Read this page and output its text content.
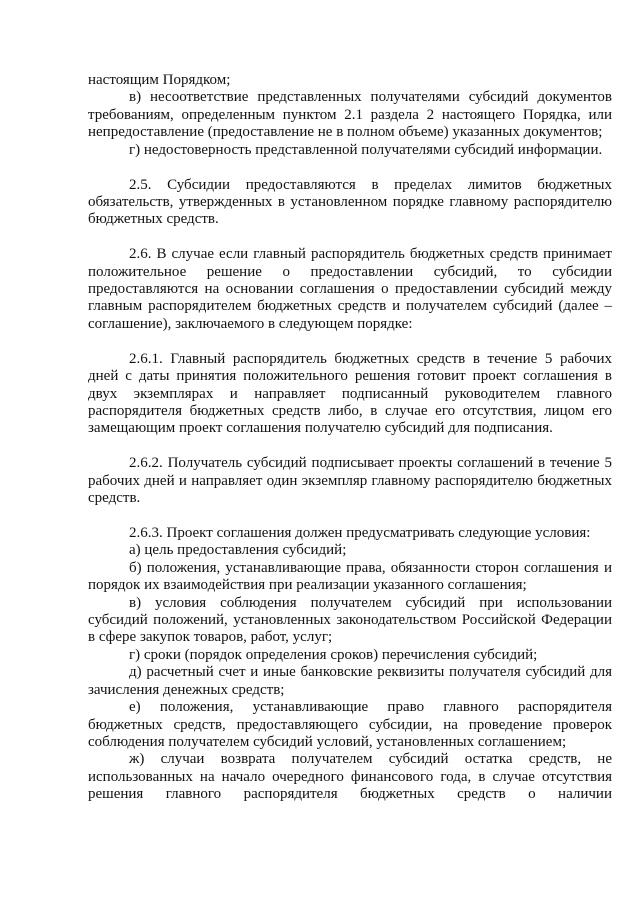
настоящим Порядком;

в) несоответствие представленных получателями субсидий документов требованиям, определенным пунктом 2.1 раздела 2 настоящего Порядка, или непредоставление (предоставление не в полном объеме) указанных документов;

г) недостоверность представленной получателями субсидий информации.

2.5. Субсидии предоставляются в пределах лимитов бюджетных обязательств, утвержденных в установленном порядке главному распорядителю бюджетных средств.

2.6. В случае если главный распорядитель бюджетных средств принимает положительное решение о предоставлении субсидий, то субсидии предоставляются на основании соглашения о предоставлении субсидий между главным распорядителем бюджетных средств и получателем субсидий (далее – соглашение), заключаемого в следующем порядке:

2.6.1. Главный распорядитель бюджетных средств в течение 5 рабочих дней с даты принятия положительного решения готовит проект соглашения в двух экземплярах и направляет подписанный руководителем главного распорядителя бюджетных средств либо, в случае его отсутствия, лицом его замещающим проект соглашения получателю субсидий для подписания.

2.6.2. Получатель субсидий подписывает проекты соглашений в течение 5 рабочих дней и направляет один экземпляр главному распорядителю бюджетных средств.

2.6.3. Проект соглашения должен предусматривать следующие условия:

а) цель предоставления субсидий;

б) положения, устанавливающие права, обязанности сторон соглашения и порядок их взаимодействия при реализации указанного соглашения;

в) условия соблюдения получателем субсидий при использовании субсидий положений, установленных законодательством Российской Федерации в сфере закупок товаров, работ, услуг;

г) сроки (порядок определения сроков) перечисления субсидий;

д) расчетный счет и иные банковские реквизиты получателя субсидий для зачисления денежных средств;

е) положения, устанавливающие право главного распорядителя бюджетных средств, предоставляющего субсидии, на проведение проверок соблюдения получателем субсидий условий, установленных соглашением;

ж) случаи возврата получателем субсидий остатка средств, не использованных на начало очередного финансового года, в случае отсутствия решения главного распорядителя бюджетных средств о наличии
